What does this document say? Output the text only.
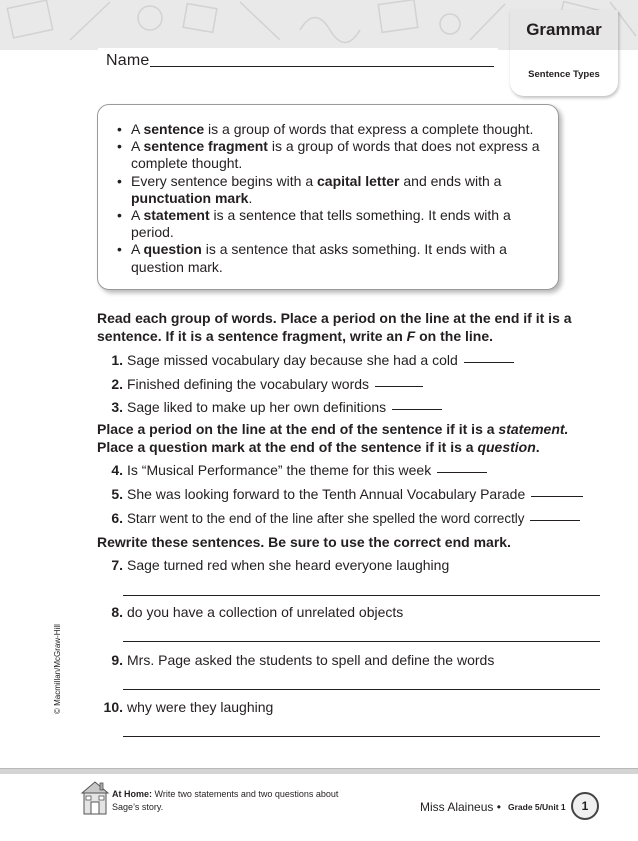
Grammar
Sentence Types
Name
• A sentence is a group of words that express a complete thought.
• A sentence fragment is a group of words that does not express a complete thought.
• Every sentence begins with a capital letter and ends with a punctuation mark.
• A statement is a sentence that tells something. It ends with a period.
• A question is a sentence that asks something. It ends with a question mark.
Read each group of words. Place a period on the line at the end if it is a sentence. If it is a sentence fragment, write an F on the line.
1. Sage missed vocabulary day because she had a cold
2. Finished defining the vocabulary words
3. Sage liked to make up her own definitions
Place a period on the line at the end of the sentence if it is a statement. Place a question mark at the end of the sentence if it is a question.
4. Is “Musical Performance” the theme for this week
5. She was looking forward to the Tenth Annual Vocabulary Parade
6. Starr went to the end of the line after she spelled the word correctly
Rewrite these sentences. Be sure to use the correct end mark.
7. Sage turned red when she heard everyone laughing
8. do you have a collection of unrelated objects
9. Mrs. Page asked the students to spell and define the words
10. why were they laughing
© Macmillan/McGraw-Hill
At Home: Write two statements and two questions about Sage’s story.	Miss Alaineus • Grade 5/Unit 1	1
